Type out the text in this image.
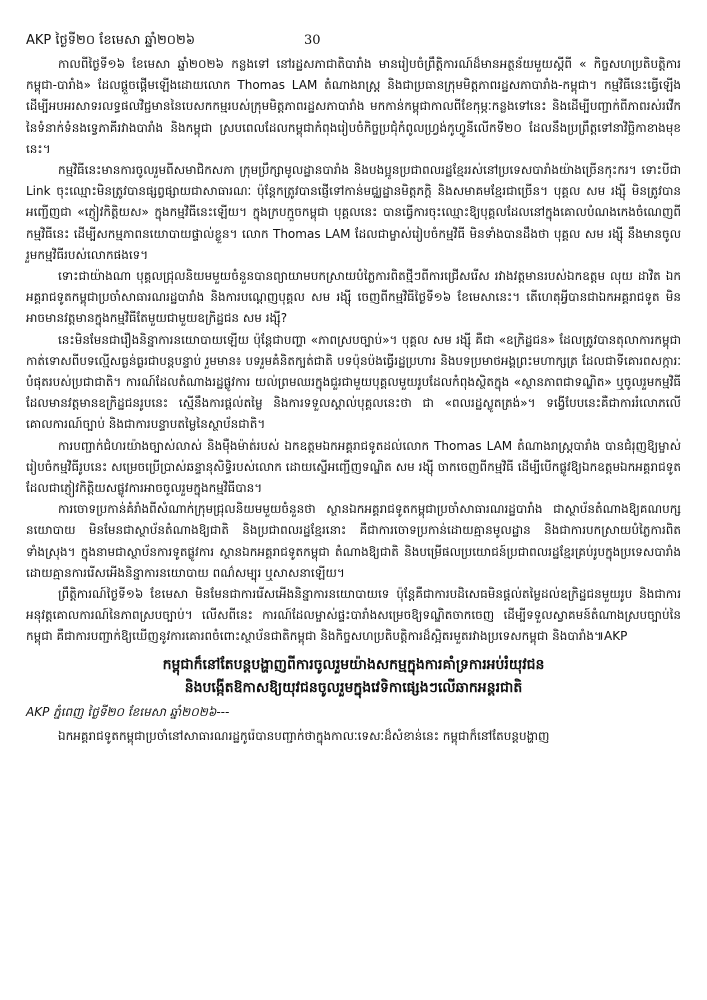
AKP ថ្ងៃទី២០ ខែមេសា ឆ្នាំ២០២៦	30

កាលពីថ្ងៃទី១៦ ខែមេសា ឆ្នាំ២០២៦ កន្លងទៅ នៅរដ្ឋសភាជាតិបារាំង មានរៀបចំព្រឹត្តិការណ៍ដ៏មានអត្ថន័យមួយស្ដីពី « កិច្ចសហប្រតិបត្តិការកម្ពុជា-បារាំង» ដែលផ្ដួចផ្ដើមឡើងដោយលោក Thomas LAM តំណាងរាស្ត្រ និងជាប្រធានក្រុមមិត្តភាពរដ្ឋសភាបារាំង-កម្ពុជា។ កម្មវិធីនេះធ្វើឡើងដើម្បីអបអរសាទរលទ្ធផលវិជ្ជមាននៃបេសកកម្មរបស់ក្រុមមិត្តភាពរដ្ឋសភាបារាំង មកកាន់កម្ពុជាកាលពីខែកុម្ភៈកន្លងទៅនេះ និងដើម្បីបញ្ជាក់ពីភាពរស់រវើកនៃទំនាក់ទំនងទ្វេភាគីរវាងបារាំង និងកម្ពុជា ស្របពេលដែលកម្ពុជាកំពុងរៀបចំកិច្ចប្រជុំកំពូលហ្វ្រង់កូហ្វូនីលើកទី២០ ដែលនឹងប្រព្រឹត្តទៅនាវិច្ឆិកាខាងមុខនេះ។

កម្មវិធីនេះមានការចូលរួមពីសមាជិកសភា ក្រុមប្រឹក្សាមូលដ្ឋានបារាំង និងបងប្អូនប្រជាពលរដ្ឋខ្មែររស់នៅប្រទេសបារាំងយ៉ាងច្រើនកុះករ។ ទោះបីជា Link ចុះឈ្មោះមិនត្រូវបានផ្សព្វផ្សាយជាសាធារណៈ ប៉ុន្តែកត្រូវបានផ្ញើទៅកាន់មជ្ឈដ្ឋានមិត្តភក្តិ និងសមាគមខ្មែរជាច្រើន។ បុគ្គល សម រង្ស៊ី មិនត្រូវបានអញ្ជើញជា «ភ្ញៀវកិត្តិយស» ក្នុងកម្មវិធីនេះឡើយ។ ក្នុងក្របក្មួចកម្ពុជា បុគ្គលនេះ បានធ្វើការចុះឈ្មោះឱ្យបុគ្គលដែលនៅក្នុងគោលបំណងកេងចំណេញពីកម្មវិធីនេះ ដើម្បីសកម្មភាពនយោបាយផ្ទាល់ខ្លួន។ លោក Thomas LAM ដែលជាម្ចាស់រៀបចំកម្មវិធី មិនទាំងបានដឹងថា បុគ្គល សម រង្ស៊ី នឹងមានចូលរួមកម្មវិធីរបស់លោកផងទេ។

ទោះជាយ៉ាងណា បុគ្គលជ្រុលនិយមមួយចំនួនបានព្យាយាមបកស្រាយបំភ្លៃការពិតថ្មីៗពីការជ្រើសរើស រវាងវត្តមានរបស់ឯកឧត្តម លុយ ដាវិត ឯកអគ្គរាជទូតកម្ពុជាប្រចាំសាធារណរដ្ឋបារាំង និងការបណ្ដេញបុគ្គល សម រង្ស៊ី ចេញពីកម្មវិធីថ្ងៃទី១៦ ខែមេសានេះ។ តើហេតុអ្វីបានជាឯកអគ្គរាជទូត មិនអាចមានវត្តមានក្នុងកម្មវិធីតែមួយជាមួយឧក្រិដ្ឋជន សម រង្ស៊ី?

នេះមិនមែនជារឿងនិន្នាការនយោបាយឡើយ ប៉ុន្តែជាបញ្ហា «ភាពស្របច្បាប់»។ បុគ្គល សម រង្ស៊ី គឺជា «ឧក្រិដ្ឋជន» ដែលត្រូវបានតុលាការកម្ពុជាកាត់ទោសពីបទល្មើសធ្ងន់ធ្ងរជាបន្តបន្ទាប់ រួមមាន៖ បទរួមគំនិតក្បត់ជាតិ បទប៉ុនប៉ងធ្វើរដ្ឋប្រហារ និងបទប្រមាថអង្គព្រះមហាក្សត្រ ដែលជាទីគោរពសក្ការៈបំផុតរបស់ប្រជាជាតិ។ ការណ៍ដែលតំណាងរដ្ឋផ្លូវការ យល់ព្រមឈរក្នុងជួរជាមួយបុគ្គលមួយរូបដែលកំពុងស្ថិតក្នុង «ស្ថានភាពជាទណ្ឌិត» ឬចូលរួមកម្មវិធីដែលមានវត្តមានឧក្រិដ្ឋជនរូបនេះ ស្មើនឹងការផ្ដល់តម្លៃ និងការទទួលស្គាល់បុគ្គលនេះថា ជា «ពលរដ្ឋស្លូតត្រង់»។ ទង្វើបែបនេះគឺជាការរំលោភលើគោលការណ៍ច្បាប់ និងជាការបន្ទាបតម្លៃនៃស្ថាប័នជាតិ។

ការបញ្ជាក់ជំហរយ៉ាងច្បាស់លាស់ និងម៉ឺងម៉ាត់របស់ ឯកឧត្តមឯកអគ្គរាជទូតដល់លោក Thomas LAM តំណាងរាស្ត្របារាំង បានជំរុញឱ្យម្ចាស់រៀបចំកម្មវិធីរូបនេះ សម្រេចប្រើប្រាស់ឆន្ទានុសិទ្ធិរបស់លោក ដោយស្នើអញ្ជើញទណ្ឌិត សម រង្ស៊ី ចាកចេញពីកម្មវិធី ដើម្បីបើកផ្លូវឱ្យឯកឧត្តមឯកអគ្គរាជទូត ដែលជាភ្ញៀវកិត្តិយសផ្លូវការអាចចូលរួមក្នុងកម្មវិធីបាន។

ការចោទប្រកាន់គំរាំងពីសំណាក់ក្រុមជ្រុលនិយមមួយចំនួនថា ស្ថានឯកអគ្គរាជទូតកម្ពុជាប្រចាំសាធារណរដ្ឋបារាំង ជាស្ថាប័នតំណាងឱ្យគណបក្សនយោបាយ មិនមែនជាស្ថាប័នតំណាងឱ្យជាតិ និងប្រជាពលរដ្ឋខ្មែរនោះ គឺជាការចោទប្រកាន់ដោយគ្មានមូលដ្ឋាន និងជាការបកស្រាយបំភ្លៃការពិតទាំងស្រុង។ ក្នុងនាមជាស្ថាប័នការទូតផ្លូវការ ស្ថានឯកអគ្គរាជទូតកម្ពុជា តំណាងឱ្យជាតិ និងបម្រើផលប្រយោជន៍ប្រជាពលរដ្ឋខ្មែរគ្រប់រូបក្នុងប្រទេសបារាំង ដោយគ្មានការរើសអើងនិន្នាការនយោបាយ ពណ៌សម្បុរ ឬសាសនាឡើយ។

ព្រឹត្តិការណ៍ថ្ងៃទី១៦ ខែមេសា មិនមែនជាការរើសអើងនិន្នាការនយោបាយទេ ប៉ុន្តែគឺជាការបដិសេធមិនផ្ដល់តម្លៃដល់ឧក្រិដ្ឋជនមួយរូប និងជាការអនុវត្តគោលការណ៍នៃភាពស្របច្បាប់។ លើសពីនេះ ការណ៍ដែលម្ចាស់ផ្ទះបារាំងសម្រេចឱ្យទណ្ឌិតចាកចេញ ដើម្បីទទួលស្វាគមន៍តំណាងស្របច្បាប់នៃកម្ពុជា គឺជាការបញ្ជាក់ឱ្យឃើញនូវការគោរពចំពោះស្ថាប័នជាតិកម្ពុជា និងកិច្ចសហប្រតិបត្តិការដ៏ស្អិតរមួតរវាងប្រទេសកម្ពុជា និងបារាំង៕AKP

កម្ពុជាក៏នៅតែបន្តបង្ហាញពីការចូលរួមយ៉ាងសកម្មក្នុងការគាំទ្រការអប់រំយុវជន
និងបង្កើតឱកាសឱ្យយុវជនចូលរួមក្នុងវេទិកាផ្សេងៗលើឆាកអន្តរជាតិ

AKP ភ្នំពេញ ថ្ងៃទី២០ ខែមេសា ឆ្នាំ២០២៦---

ឯកអគ្គរាជទូតកម្ពុជាប្រចាំនៅសាធារណរដ្ឋកូរ៉េបានបញ្ជាក់ថាក្នុងកាលៈទេសៈដ៏សំខាន់នេះ កម្ពុជាក៏នៅតែបន្តបង្ហាញ
